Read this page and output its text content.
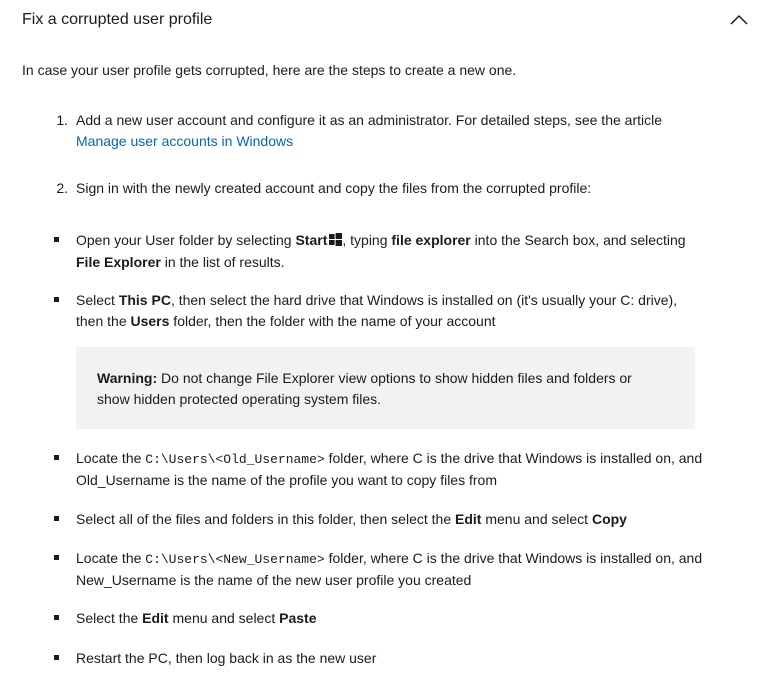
Fix a corrupted user profile

In case your user profile gets corrupted, here are the steps to create a new one.

1. Add a new user account and configure it as an administrator. For detailed steps, see the article
Manage user accounts in Windows
2. Sign in with the newly created account and copy the files from the corrupted profile:
Open your User folder by selecting Start , typing file explorer into the Search box, and selecting
File Explorer in the list of results.
Select This PC, then select the hard drive that Windows is installed on (it's usually your C: drive), then the Users folder, then the folder with the name of your account
Warning: Do not change File Explorer view options to show hidden files and folders or show hidden protected operating system files.
Locate the C:\Users\<Old_Username> folder, where C is the drive that Windows is installed on, and Old_Username is the name of the profile you want to copy files from
Select all of the files and folders in this folder, then select the Edit menu and select Copy
Locate the C:\Users\<New_Username> folder, where C is the drive that Windows is installed on, and New_Username is the name of the new user profile you created
Select the Edit menu and select Paste
Restart the PC, then log back in as the new user
